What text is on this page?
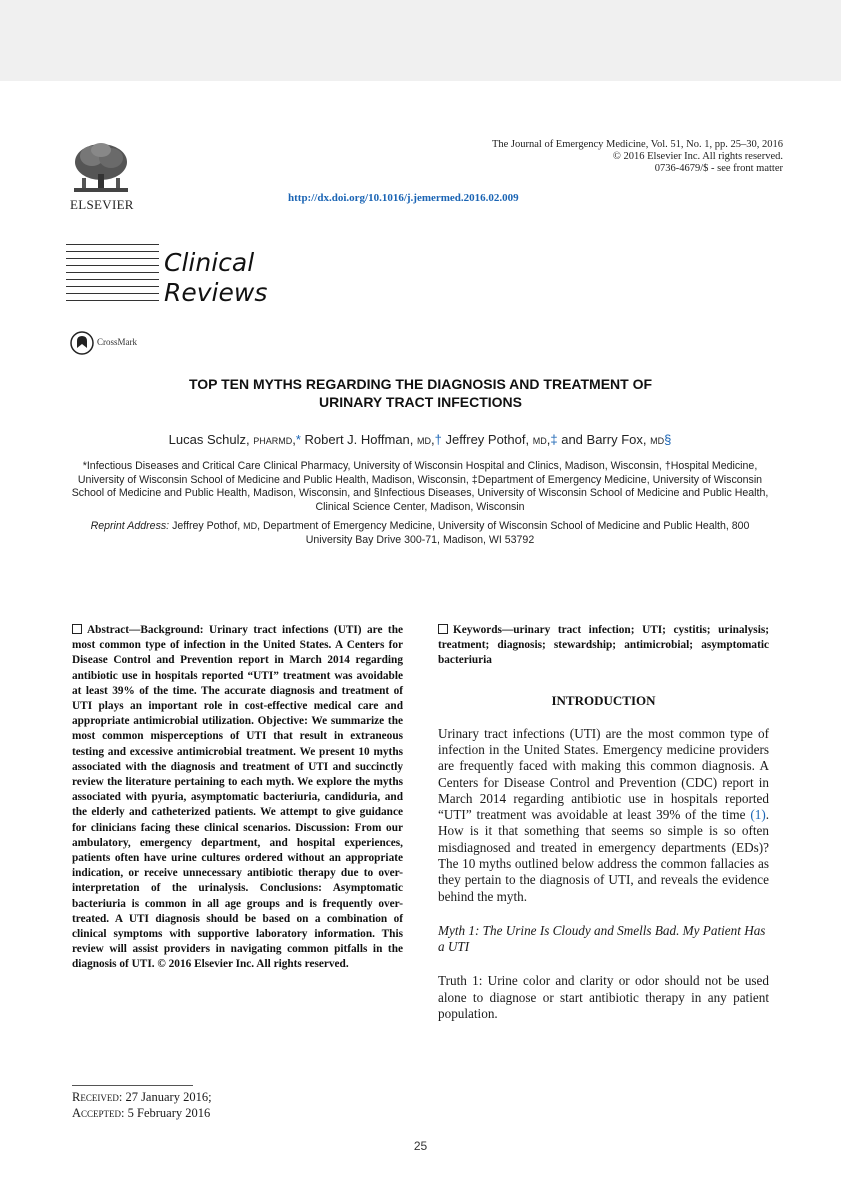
ELSEVIER
The Journal of Emergency Medicine, Vol. 51, No. 1, pp. 25–30, 2016
© 2016 Elsevier Inc. All rights reserved.
0736-4679/$ - see front matter
http://dx.doi.org/10.1016/j.jemermed.2016.02.009
Clinical
Reviews
CrossMark
TOP TEN MYTHS REGARDING THE DIAGNOSIS AND TREATMENT OF
URINARY TRACT INFECTIONS
Lucas Schulz, PHARMD,* Robert J. Hoffman, MD,† Jeffrey Pothof, MD,‡ and Barry Fox, MD§
*Infectious Diseases and Critical Care Clinical Pharmacy, University of Wisconsin Hospital and Clinics, Madison, Wisconsin, †Hospital Medicine, University of Wisconsin School of Medicine and Public Health, Madison, Wisconsin, ‡Department of Emergency Medicine, University of Wisconsin School of Medicine and Public Health, Madison, Wisconsin, and §Infectious Diseases, University of Wisconsin School of Medicine and Public Health, Clinical Science Center, Madison, Wisconsin
Reprint Address: Jeffrey Pothof, MD, Department of Emergency Medicine, University of Wisconsin School of Medicine and Public Health, 800 University Bay Drive 300-71, Madison, WI 53792
Abstract—Background: Urinary tract infections (UTI) are the most common type of infection in the United States. A Centers for Disease Control and Prevention report in March 2014 regarding antibiotic use in hospitals reported “UTI” treatment was avoidable at least 39% of the time. The accurate diagnosis and treatment of UTI plays an important role in cost-effective medical care and appropriate antimicrobial utilization. Objective: We summarize the most common misperceptions of UTI that result in extraneous testing and excessive antimicrobial treatment. We present 10 myths associated with the diagnosis and treatment of UTI and succinctly review the literature pertaining to each myth. We explore the myths associated with pyuria, asymptomatic bacteriuria, candiduria, and the elderly and catheterized patients. We attempt to give guidance for clinicians facing these clinical scenarios. Discussion: From our ambulatory, emergency department, and hospital experiences, patients often have urine cultures ordered without an appropriate indication, or receive unnecessary antibiotic therapy due to over-interpretation of the urinalysis. Conclusions: Asymptomatic bacteriuria is common in all age groups and is frequently over-treated. A UTI diagnosis should be based on a combination of clinical symptoms with supportive laboratory information. This review will assist providers in navigating common pitfalls in the diagnosis of UTI. © 2016 Elsevier Inc. All rights reserved.
Keywords—urinary tract infection; UTI; cystitis; urinalysis; treatment; diagnosis; stewardship; antimicrobial; asymptomatic bacteriuria
INTRODUCTION
Urinary tract infections (UTI) are the most common type of infection in the United States. Emergency medicine providers are frequently faced with making this common diagnosis. A Centers for Disease Control and Prevention (CDC) report in March 2014 regarding antibiotic use in hospitals reported “UTI” treatment was avoidable at least 39% of the time (1). How is it that something that seems so simple is so often misdiagnosed and treated in emergency departments (EDs)? The 10 myths outlined below address the common fallacies as they pertain to the diagnosis of UTI, and reveals the evidence behind the myth.
Myth 1: The Urine Is Cloudy and Smells Bad. My Patient Has a UTI
Truth 1: Urine color and clarity or odor should not be used alone to diagnose or start antibiotic therapy in any patient population.
Received: 27 January 2016;
Accepted: 5 February 2016
25
